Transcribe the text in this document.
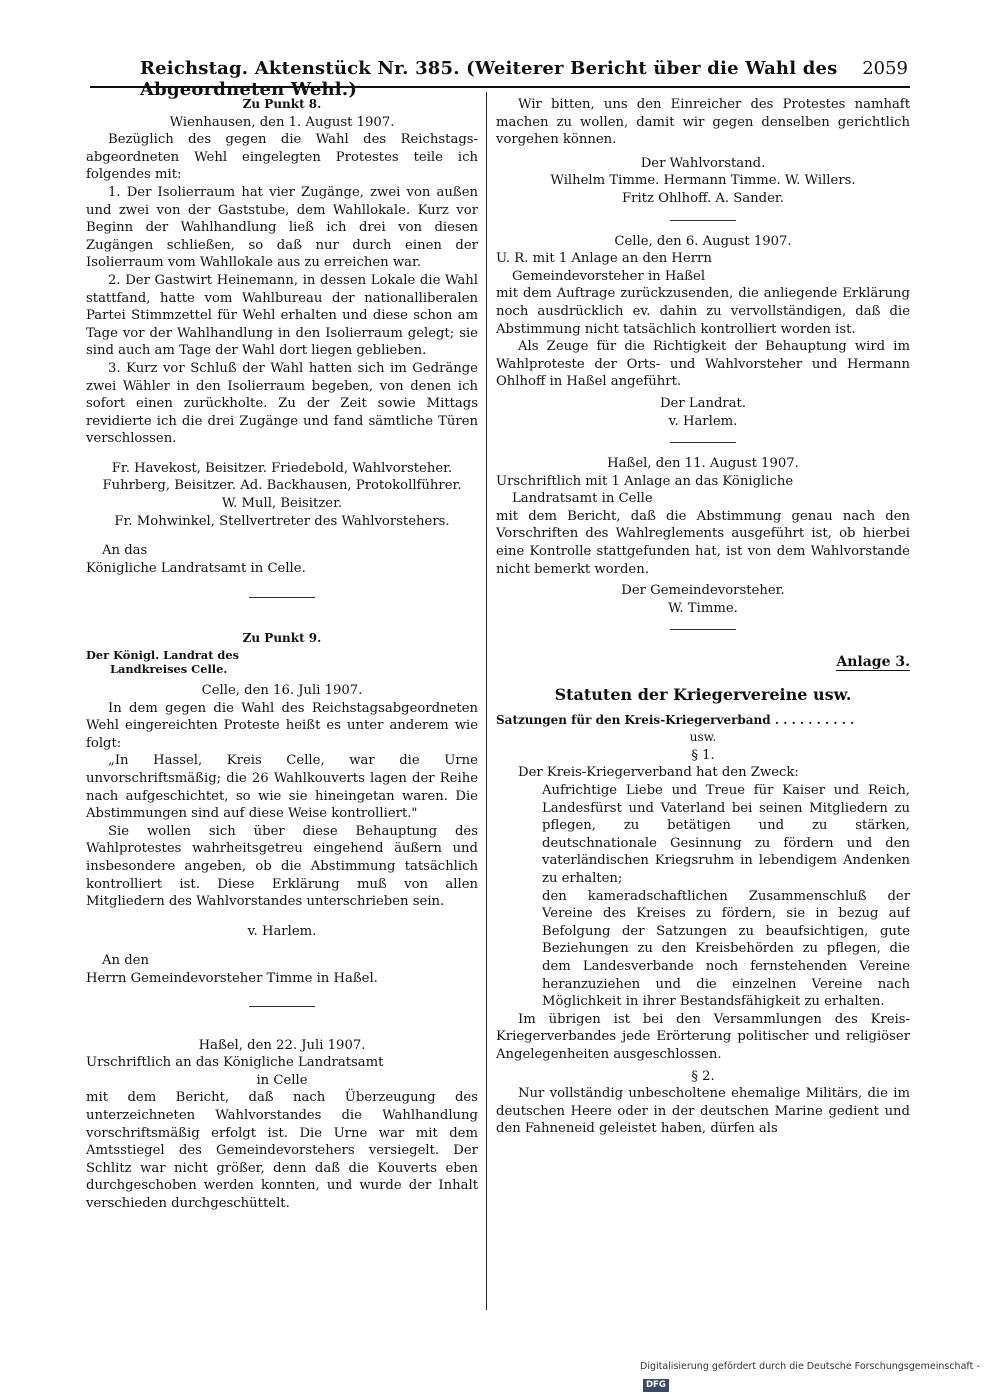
Reichstag. Aktenstück Nr. 385. (Weiterer Bericht über die Wahl des Abgeordneten Wehl.)
2059

Zu Punkt 8.

Wienhausen, den 1. August 1907.

Bezüglich des gegen die Wahl des Reichstags-abgeordneten Wehl eingelegten Protestes teile ich folgendes mit:

1. Der Isolierraum hat vier Zugänge, zwei von außen und zwei von der Gaststube, dem Wahllokale. Kurz vor Beginn der Wahlhandlung ließ ich drei von diesen Zugängen schließen, so daß nur durch einen der Isolierraum vom Wahllokale aus zu erreichen war.

2. Der Gastwirt Heinemann, in dessen Lokale die Wahl stattfand, hatte vom Wahlbureau der nationalliberalen Partei Stimmzettel für Wehl erhalten und diese schon am Tage vor der Wahlhandlung in den Isolierraum gelegt; sie sind auch am Tage der Wahl dort liegen geblieben.

3. Kurz vor Schluß der Wahl hatten sich im Gedränge zwei Wähler in den Isolierraum begeben, von denen ich sofort einen zurückholte. Zu der Zeit sowie Mittags revidierte ich die drei Zugänge und fand sämtliche Türen verschlossen.

Fr. Havekost, Beisitzer. Friedebold, Wahlvorsteher.

Fuhrberg, Beisitzer. Ad. Backhausen, Protokollführer.

W. Mull, Beisitzer.

Fr. Mohwinkel, Stellvertreter des Wahlvorstehers.

An das

Königliche Landratsamt in Celle.

Zu Punkt 9.

Der Königl. Landrat des

Landkreises Celle.

Celle, den 16. Juli 1907.

In dem gegen die Wahl des Reichstagsabgeordneten Wehl eingereichten Proteste heißt es unter anderem wie folgt:

„In Hassel, Kreis Celle, war die Urne unvorschriftsmäßig; die 26 Wahlkouverts lagen der Reihe nach aufgeschichtet, so wie sie hineingetan waren. Die Abstimmungen sind auf diese Weise kontrolliert."

Sie wollen sich über diese Behauptung des Wahlprotestes wahrheitsgetreu eingehend äußern und insbesondere angeben, ob die Abstimmung tatsächlich kontrolliert ist. Diese Erklärung muß von allen Mitgliedern des Wahlvorstandes unterschrieben sein.

v. Harlem.

An den

Herrn Gemeindevorsteher Timme in Haßel.

Haßel, den 22. Juli 1907.

Urschriftlich an das Königliche Landratsamt

in Celle

mit dem Bericht, daß nach Überzeugung des unterzeichneten Wahlvorstandes die Wahlhandlung vorschriftsmäßig erfolgt ist. Die Urne war mit dem Amtsstiegel des Gemeindevorstehers versiegelt. Der Schlitz war nicht größer, denn daß die Kouverts eben durchgeschoben werden konnten, und wurde der Inhalt verschieden durchgeschüttelt.

Wir bitten, uns den Einreicher des Protestes namhaft machen zu wollen, damit wir gegen denselben gerichtlich vorgehen können.

Der Wahlvorstand.

Wilhelm Timme. Hermann Timme. W. Willers.

Fritz Ohlhoff. A. Sander.

Celle, den 6. August 1907.

U. R. mit 1 Anlage an den Herrn

Gemeindevorsteher in Haßel

mit dem Auftrage zurückzusenden, die anliegende Erklärung noch ausdrücklich ev. dahin zu vervollständigen, daß die Abstimmung nicht tatsächlich kontrolliert worden ist.

Als Zeuge für die Richtigkeit der Behauptung wird im Wahlproteste der Orts- und Wahlvorsteher und Hermann Ohlhoff in Haßel angeführt.

Der Landrat.

v. Harlem.

Haßel, den 11. August 1907.

Urschriftlich mit 1 Anlage an das Königliche

Landratsamt in Celle

mit dem Bericht, daß die Abstimmung genau nach den Vorschriften des Wahlreglements ausgeführt ist, ob hierbei eine Kontrolle stattgefunden hat, ist von dem Wahlvorstande nicht bemerkt worden.

Der Gemeindevorsteher.

W. Timme.

Anlage 3.

Statuten der Kriegervereine usw.

Satzungen für den Kreis-Kriegerverband . . . . . . . . . .

usw.

§ 1.

Der Kreis-Kriegerverband hat den Zweck:

Aufrichtige Liebe und Treue für Kaiser und Reich, Landesfürst und Vaterland bei seinen Mitgliedern zu pflegen, zu betätigen und zu stärken, deutschnationale Gesinnung zu fördern und den vaterländischen Kriegsruhm in lebendigem Andenken zu erhalten;

den kameradschaftlichen Zusammenschluß der Vereine des Kreises zu fördern, sie in bezug auf Befolgung der Satzungen zu beaufsichtigen, gute Beziehungen zu den Kreisbehörden zu pflegen, die dem Landesverbande noch fernstehenden Vereine heranzuziehen und die einzelnen Vereine nach Möglichkeit in ihrer Bestandsfähigkeit zu erhalten.

Im übrigen ist bei den Versammlungen des Kreis-Kriegerverbandes jede Erörterung politischer und religiöser Angelegenheiten ausgeschlossen.

§ 2.

Nur vollständig unbescholtene ehemalige Militärs, die im deutschen Heere oder in der deutschen Marine gedient und den Fahneneid geleistet haben, dürfen als

Digitalisierung gefördert durch die Deutsche Forschungsgemeinschaft -DFG
